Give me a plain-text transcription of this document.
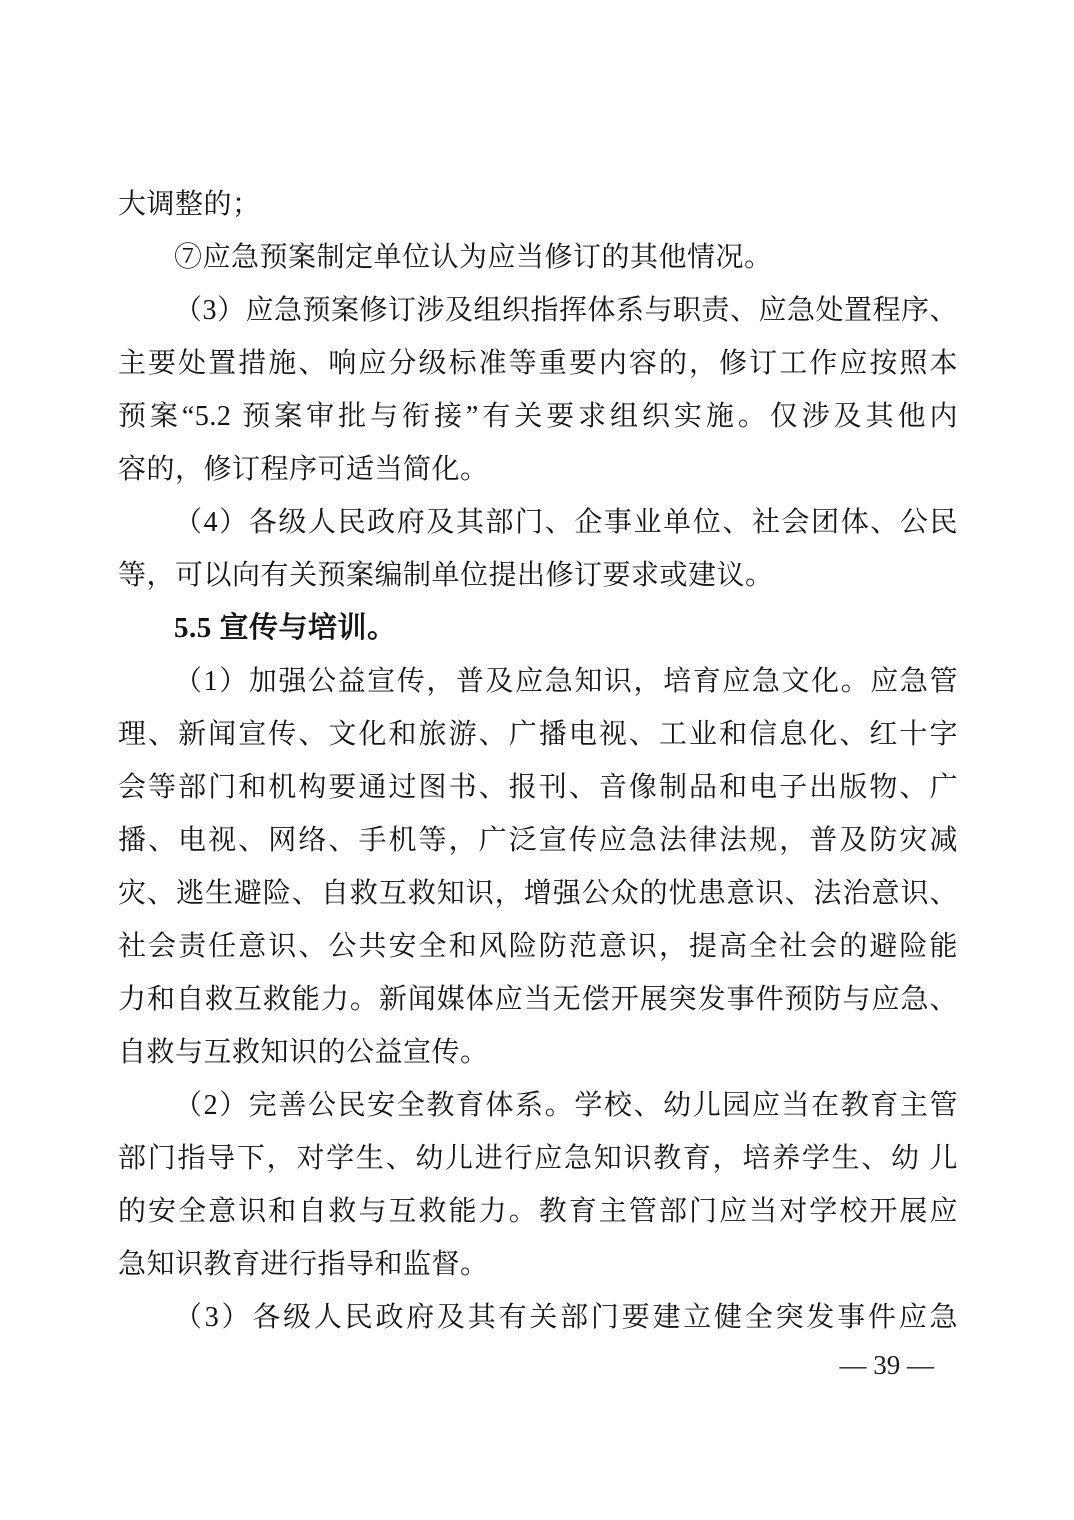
大调整的；
⑦应急预案制定单位认为应当修订的其他情况。
（3）应急预案修订涉及组织指挥体系与职责、应急处置程序、
主要处置措施、响应分级标准等重要内容的，修订工作应按照本
预案“5.2 预案审批与衔接”有关要求组织实施。仅涉及其他内
容的，修订程序可适当简化。
（4）各级人民政府及其部门、企事业单位、社会团体、公民
等，可以向有关预案编制单位提出修订要求或建议。
5.5 宣传与培训。
（1）加强公益宣传，普及应急知识，培育应急文化。应急管
理、新闻宣传、文化和旅游、广播电视、工业和信息化、红十字
会等部门和机构要通过图书、报刊、音像制品和电子出版物、广
播、电视、网络、手机等，广泛宣传应急法律法规，普及防灾减
灾、逃生避险、自救互救知识，增强公众的忧患意识、法治意识、
社会责任意识、公共安全和风险防范意识，提高全社会的避险能
力和自救互救能力。新闻媒体应当无偿开展突发事件预防与应急、
自救与互救知识的公益宣传。
（2）完善公民安全教育体系。学校、幼儿园应当在教育主管
部门指导下，对学生、幼儿进行应急知识教育，培养学生、幼 儿
的安全意识和自救与互救能力。教育主管部门应当对学校开展应
急知识教育进行指导和监督。
（3）各级人民政府及其有关部门要建立健全突发事件应急
— 39 —
